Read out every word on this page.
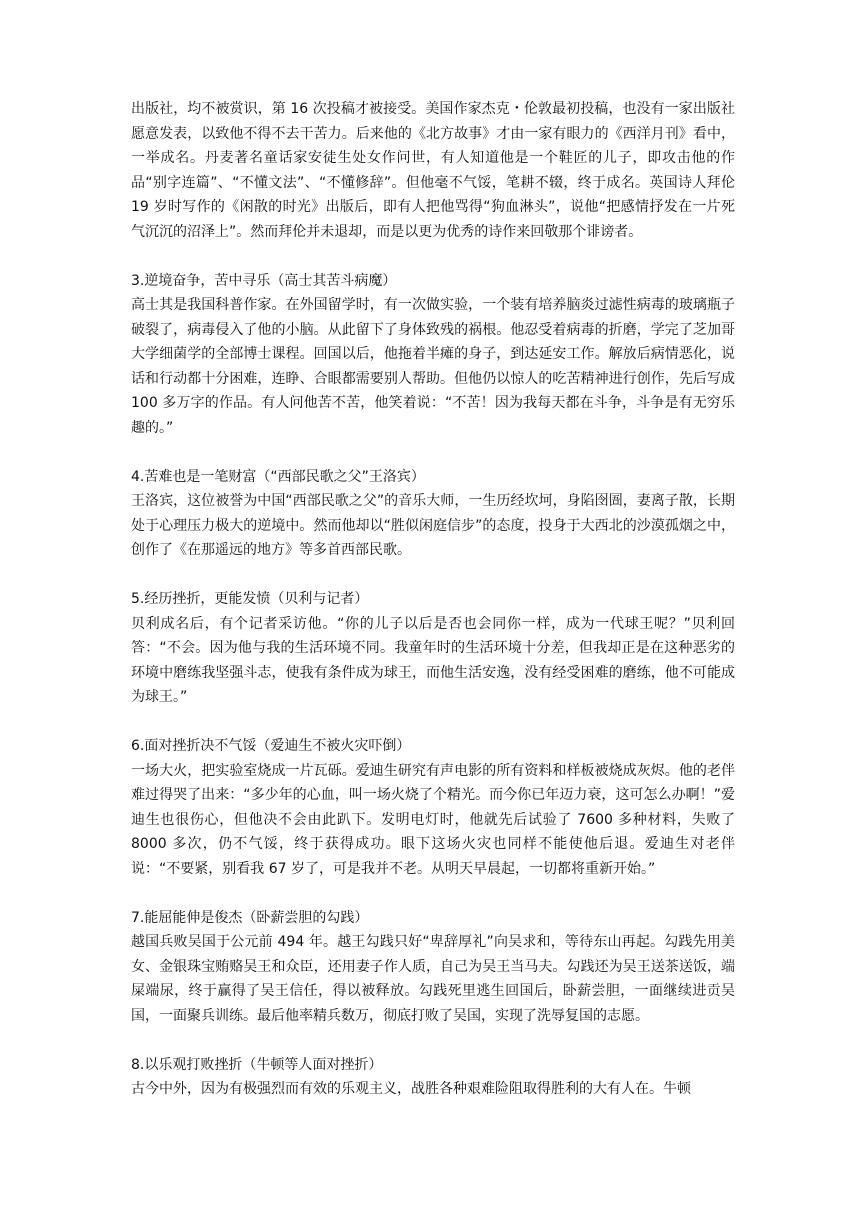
出版社，均不被赏识，第 16 次投稿才被接受。美国作家杰克・伦敦最初投稿，也没有一家出版社愿意发表，以致他不得不去干苦力。后来他的《北方故事》才由一家有眼力的《西洋月刊》看中，一举成名。丹麦著名童话家安徒生处女作问世，有人知道他是一个鞋匠的儿子，即攻击他的作品“别字连篇”、“不懂文法”、“不懂修辞”。但他毫不气馁，笔耕不辍，终于成名。英国诗人拜伦 19 岁时写作的《闲散的时光》出版后，即有人把他骂得“狗血淋头”，说他“把感情抒发在一片死气沉沉的沼泽上”。然而拜伦并未退却，而是以更为优秀的诗作来回敬那个诽谤者。

3.逆境奋争，苦中寻乐（高士其苦斗病魔）

高士其是我国科普作家。在外国留学时，有一次做实验，一个装有培养脑炎过滤性病毒的玻璃瓶子破裂了，病毒侵入了他的小脑。从此留下了身体致残的祸根。他忍受着病毒的折磨，学完了芝加哥大学细菌学的全部博士课程。回国以后，他拖着半瘫的身子，到达延安工作。解放后病情恶化，说话和行动都十分困难，连睁、合眼都需要别人帮助。但他仍以惊人的吃苦精神进行创作，先后写成 100 多万字的作品。有人问他苦不苦，他笑着说：“不苦！因为我每天都在斗争，斗争是有无穷乐趣的。”

4.苦难也是一笔财富（“西部民歌之父”王洛宾）

王洛宾，这位被誉为中国“西部民歌之父”的音乐大师，一生历经坎坷，身陷囹圄，妻离子散，长期处于心理压力极大的逆境中。然而他却以“胜似闲庭信步”的态度，投身于大西北的沙漠孤烟之中，创作了《在那遥远的地方》等多首西部民歌。

5.经历挫折，更能发愤（贝利与记者）

贝利成名后，有个记者采访他。“你的儿子以后是否也会同你一样，成为一代球王呢？”贝利回答：“不会。因为他与我的生活环境不同。我童年时的生活环境十分差，但我却正是在这种恶劣的环境中磨练我坚强斗志，使我有条件成为球王，而他生活安逸，没有经受困难的磨练，他不可能成为球王。”

6.面对挫折决不气馁（爱迪生不被火灾吓倒）

一场大火，把实验室烧成一片瓦砾。爱迪生研究有声电影的所有资料和样板被烧成灰烬。他的老伴难过得哭了出来：“多少年的心血，叫一场火烧了个精光。而今你已年迈力衰，这可怎么办啊！”爱迪生也很伤心，但他决不会由此趴下。发明电灯时，他就先后试验了 7600 多种材料，失败了 8000 多次，仍不气馁，终于获得成功。眼下这场火灾也同样不能使他后退。爱迪生对老伴说：“不要紧，别看我 67 岁了，可是我并不老。从明天早晨起，一切都将重新开始。”

7.能屈能伸是俊杰（卧薪尝胆的勾践）

越国兵败吴国于公元前 494 年。越王勾践只好“卑辞厚礼”向吴求和，等待东山再起。勾践先用美女、金银珠宝贿赂吴王和众臣，还用妻子作人质，自己为吴王当马夫。勾践还为吴王送茶送饭，端屎端尿，终于赢得了吴王信任，得以被释放。勾践死里逃生回国后，卧薪尝胆，一面继续进贡吴国，一面聚兵训练。最后他率精兵数万，彻底打败了吴国，实现了洗辱复国的志愿。

8.以乐观打败挫折（牛顿等人面对挫折）

古今中外，因为有极强烈而有效的乐观主义，战胜各种艰难险阻取得胜利的大有人在。牛顿
